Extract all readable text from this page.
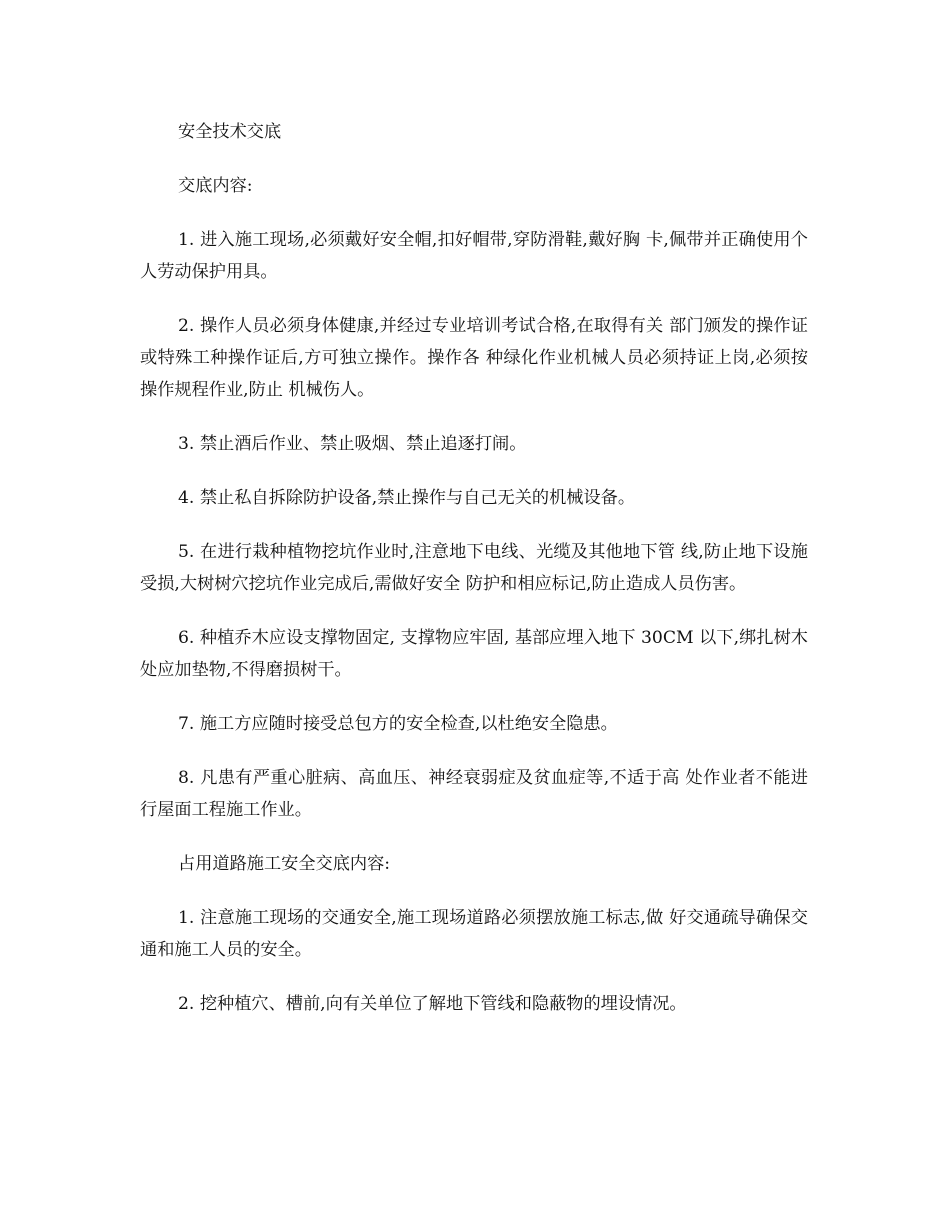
安全技术交底

交底内容:

1. 进入施工现场,必须戴好安全帽,扣好帽带,穿防滑鞋,戴好胸 卡,佩带并正确使用个人劳动保护用具。

2. 操作人员必须身体健康,并经过专业培训考试合格,在取得有关 部门颁发的操作证或特殊工种操作证后,方可独立操作。操作各 种绿化作业机械人员必须持证上岗,必须按操作规程作业,防止 机械伤人。

3. 禁止酒后作业、禁止吸烟、禁止追逐打闹。

4. 禁止私自拆除防护设备,禁止操作与自己无关的机械设备。

5. 在进行栽种植物挖坑作业时,注意地下电线、光缆及其他地下管 线,防止地下设施受损,大树树穴挖坑作业完成后,需做好安全 防护和相应标记,防止造成人员伤害。

6. 种植乔木应设支撑物固定, 支撑物应牢固, 基部应埋入地下 30CM 以下,绑扎树木处应加垫物,不得磨损树干。

7. 施工方应随时接受总包方的安全检查,以杜绝安全隐患。

8. 凡患有严重心脏病、高血压、神经衰弱症及贫血症等,不适于高 处作业者不能进行屋面工程施工作业。

占用道路施工安全交底内容:

1. 注意施工现场的交通安全,施工现场道路必须摆放施工标志,做 好交通疏导确保交通和施工人员的安全。

2. 挖种植穴、槽前,向有关单位了解地下管线和隐蔽物的埋设情况。
